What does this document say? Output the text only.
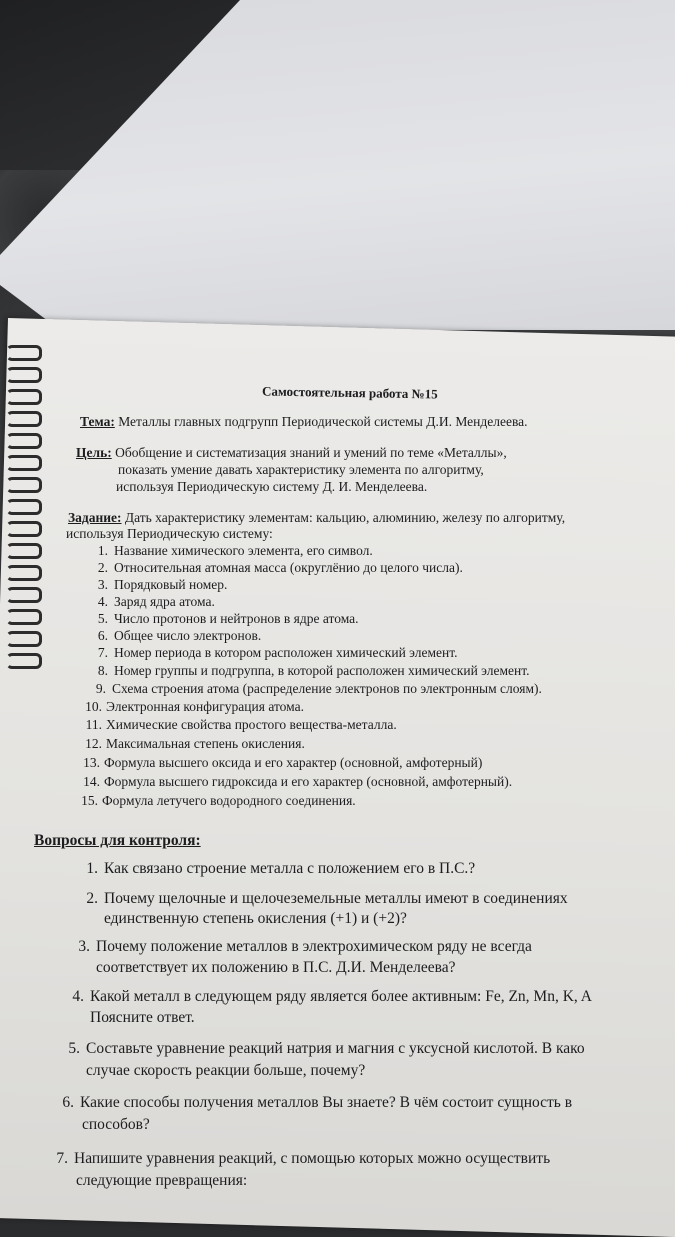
Самостоятельная работа №15
Тема: Металлы главных подгрупп Периодической системы Д.И. Менделеева.
Цель: Обобщение и систематизация знаний и умений по теме «Металлы»,
показать умение давать характеристику элемента по алгоритму,
используя Периодическую систему Д. И. Менделеева.
Задание: Дать характеристику элементам: кальцию, алюминию, железу по алгоритму,
используя Периодическую систему:
1. Название химического элемента, его символ.
2. Относительная атомная масса (округлёнио до целого числа).
3. Порядковый номер.
4. Заряд ядра атома.
5. Число протонов и нейтронов в ядре атома.
6. Общее число электронов.
7. Номер периода в котором расположен химический элемент.
8. Номер группы и подгруппа, в которой расположен химический элемент.
9. Схема строения атома (распределение электронов по электронным слоям).
10. Электронная конфигурация атома.
11. Химические свойства простого вещества-металла.
12. Максимальная степень окисления.
13. Формула высшего оксида и его характер (основной, амфотерный)
14. Формула высшего гидроксида и его характер (основной, амфотерный).
15. Формула летучего водородного соединения.
Вопросы для контроля:
1. Как связано строение металла с положением его в П.С.?
2. Почему щелочные и щелочеземельные металлы имеют в соединениях
единственную степень окисления (+1) и (+2)?
3. Почему положение металлов в электрохимическом ряду не всегда
соответствует их положению в П.С. Д.И. Менделеева?
4. Какой металл в следующем ряду является более активным: Fe, Zn, Mn, K, A
Поясните ответ.
5. Составьте уравнение реакций натрия и магния с уксусной кислотой. В како
случае скорость реакции больше, почему?
6. Какие способы получения металлов Вы знаете? В чём состоит сущность в
способов?
7. Напишите уравнения реакций, с помощью которых можно осуществить
следующие превращения:
